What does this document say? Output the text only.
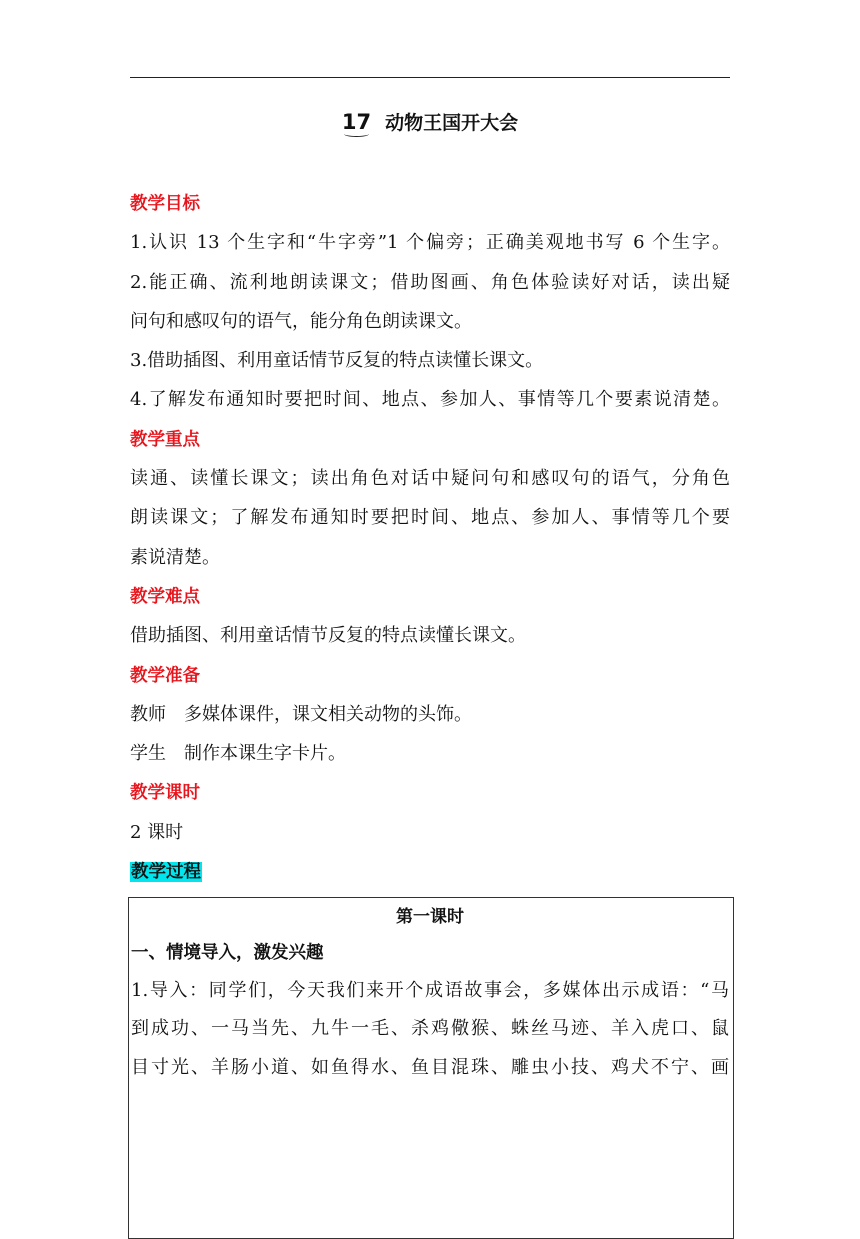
17 动物王国开大会
教学目标
1.认识 13 个生字和“牛字旁”1 个偏旁；正确美观地书写 6 个生字。
2.能正确、流利地朗读课文；借助图画、角色体验读好对话，读出疑
问句和感叹句的语气，能分角色朗读课文。
3.借助插图、利用童话情节反复的特点读懂长课文。
4.了解发布通知时要把时间、地点、参加人、事情等几个要素说清楚。
教学重点
读通、读懂长课文；读出角色对话中疑问句和感叹句的语气，分角色
朗读课文；了解发布通知时要把时间、地点、参加人、事情等几个要
素说清楚。
教学难点
借助插图、利用童话情节反复的特点读懂长课文。
教学准备
教师 多媒体课件，课文相关动物的头饰。
学生 制作本课生字卡片。
教学课时
2 课时
教学过程
第一课时
一、情境导入，激发兴趣
1.导入：同学们，今天我们来开个成语故事会，多媒体出示成语：“马
到成功、一马当先、九牛一毛、杀鸡儆猴、蛛丝马迹、羊入虎口、鼠
目寸光、羊肠小道、如鱼得水、鱼目混珠、雕虫小技、鸡犬不宁、画
